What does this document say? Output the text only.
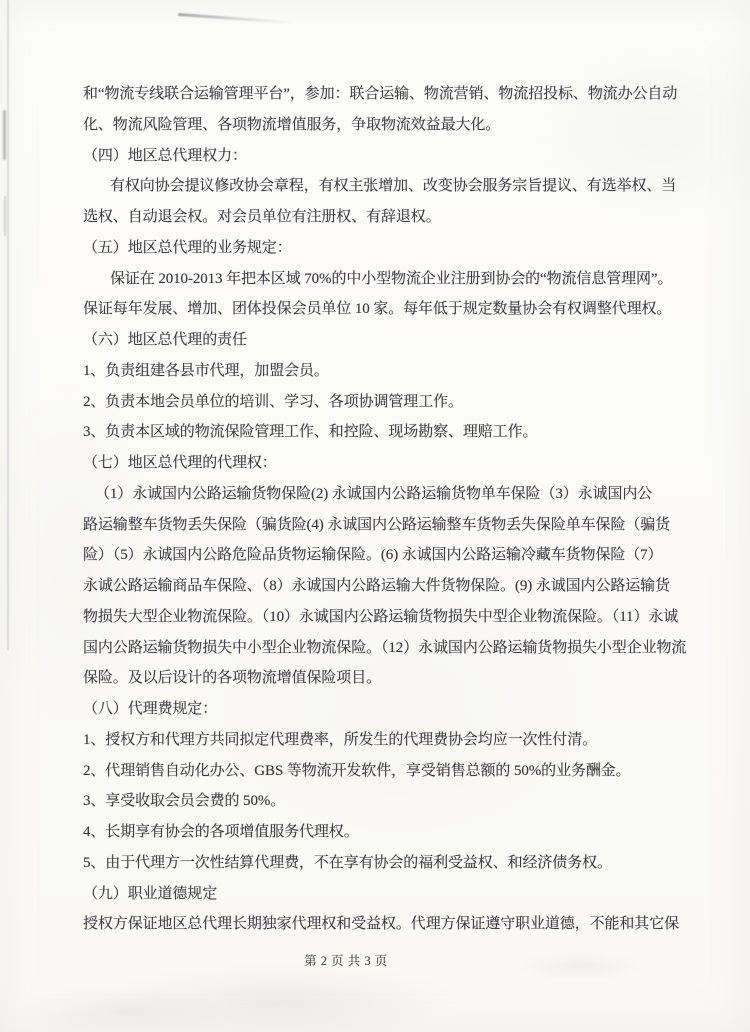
和“物流专线联合运输管理平台”，参加：联合运输、物流营销、物流招投标、物流办公自动
化、物流风险管理、各项物流增值服务，争取物流效益最大化。
（四）地区总代理权力：
有权向协会提议修改协会章程，有权主张增加、改变协会服务宗旨提议、有选举权、当
选权、自动退会权。对会员单位有注册权、有辞退权。
（五）地区总代理的业务规定：
保证在 2010-2013 年把本区域 70%的中小型物流企业注册到协会的“物流信息管理网”。
保证每年发展、增加、团体投保会员单位 10 家。每年低于规定数量协会有权调整代理权。
（六）地区总代理的责任
1、负责组建各县市代理，加盟会员。
2、负责本地会员单位的培训、学习、各项协调管理工作。
3、负责本区域的物流保险管理工作、和控险、现场勘察、理赔工作。
（七）地区总代理的代理权：
（1）永诚国内公路运输货物保险(2) 永诚国内公路运输货物单车保险（3）永诚国内公
路运输整车货物丢失保险（骗货险(4) 永诚国内公路运输整车货物丢失保险单车保险（骗货
险）（5）永诚国内公路危险品货物运输保险。(6) 永诚国内公路运输冷藏车货物保险（7）
永诚公路运输商品车保险、（8）永诚国内公路运输大件货物保险。(9) 永诚国内公路运输货
物损失大型企业物流保险。（10）永诚国内公路运输货物损失中型企业物流保险。（11）永诚
国内公路运输货物损失中小型企业物流保险。（12）永诚国内公路运输货物损失小型企业物流
保险。及以后设计的各项物流增值保险项目。
（八）代理费规定：
1、授权方和代理方共同拟定代理费率，所发生的代理费协会均应一次性付清。
2、代理销售自动化办公、GBS 等物流开发软件，享受销售总额的 50%的业务酬金。
3、享受收取会员会费的 50%。
4、长期享有协会的各项增值服务代理权。
5、由于代理方一次性结算代理费，不在享有协会的福利受益权、和经济债务权。
（九）职业道德规定
授权方保证地区总代理长期独家代理权和受益权。代理方保证遵守职业道德，不能和其它保
第 2 页 共 3 页
